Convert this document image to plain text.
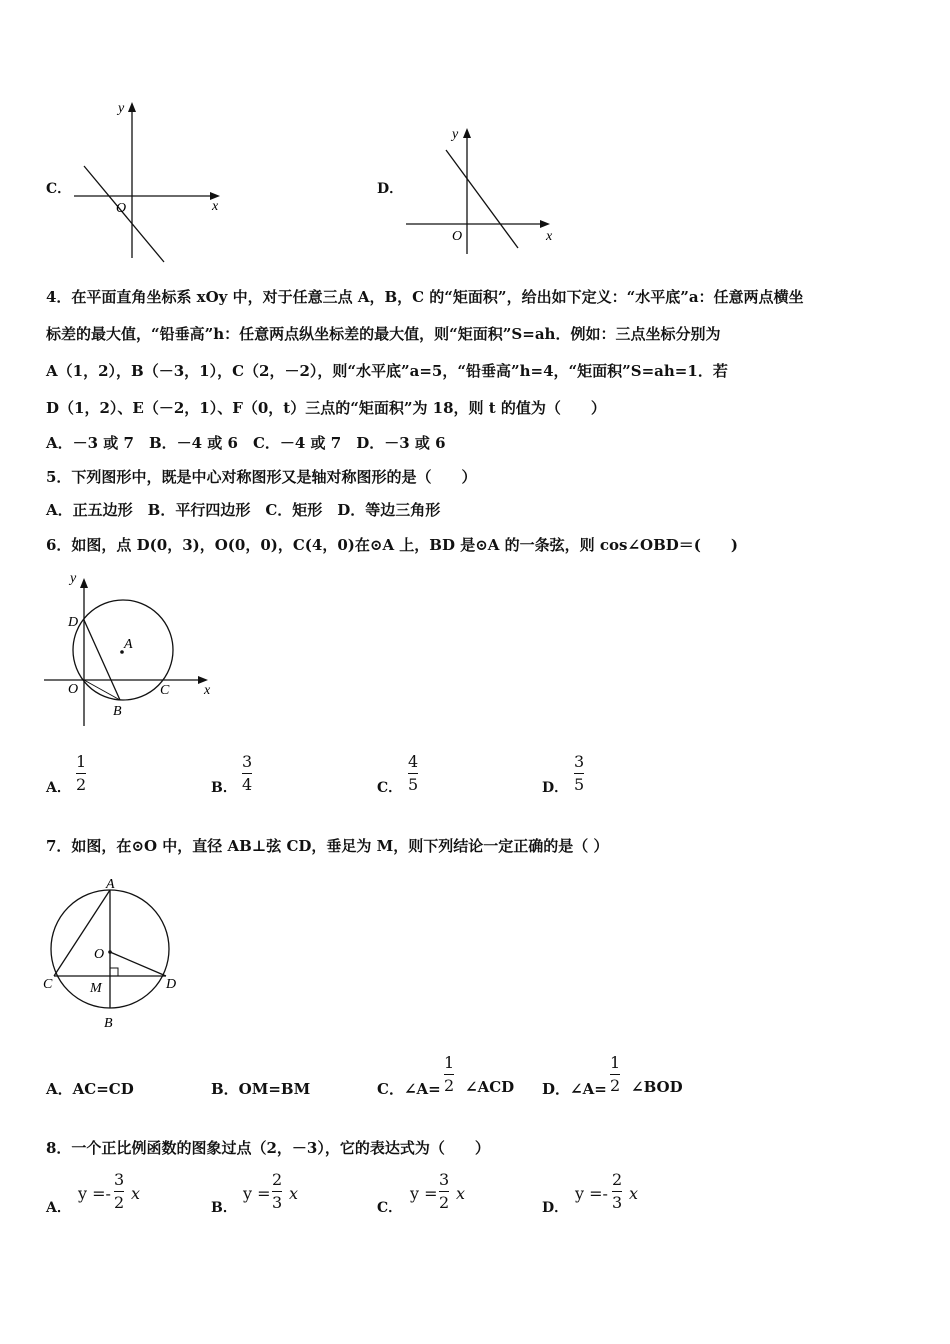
C．
x
y
O
D．
x
y
O
4．在平面直角坐标系 xOy 中，对于任意三点 A，B，C 的“矩面积”，给出如下定义：“水平底”a：任意两点横坐
标差的最大值，“铅垂高”h：任意两点纵坐标差的最大值，则“矩面积”S=ah．例如：三点坐标分别为
A（1，2），B（－3，1），C（2，－2），则“水平底”a=5，“铅垂高”h=4，“矩面积”S=ah=1．若
D（1，2）、E（－2，1）、F（0，t）三点的“矩面积”为 18，则 t 的值为（　　）
A．－3 或 7　B．－4 或 6　C．－4 或 7　D．－3 或 6
5．下列图形中，既是中心对称图形又是轴对称图形的是（　　）
A．正五边形　B．平行四边形　C．矩形　D．等边三角形
6．如图，点 D(0，3)，O(0，0)，C(4，0)在⊙A 上，BD 是⊙A 的一条弦，则 cos∠OBD＝(　　)
x
y
D
A
O	C
B
A．
1
2	B．
3
4	C．
4
5	D．
3
5
7．如图，在⊙O 中，直径 AB⊥弦 CD，垂足为 M，则下列结论一定正确的是（ ）
A
O
C	M	D
B
A．AC=CD	B．OM=BM	C．∠A=
1
2 ∠ACD D．∠A=
1
2 ∠BOD
8．一个正比例函数的图象过点（2，－3），它的表达式为（　　）
A．
y =-
3
2 x
B．
y =
2
3 x
C．
y =
3
2 x
D．
y =-
2
3 x
